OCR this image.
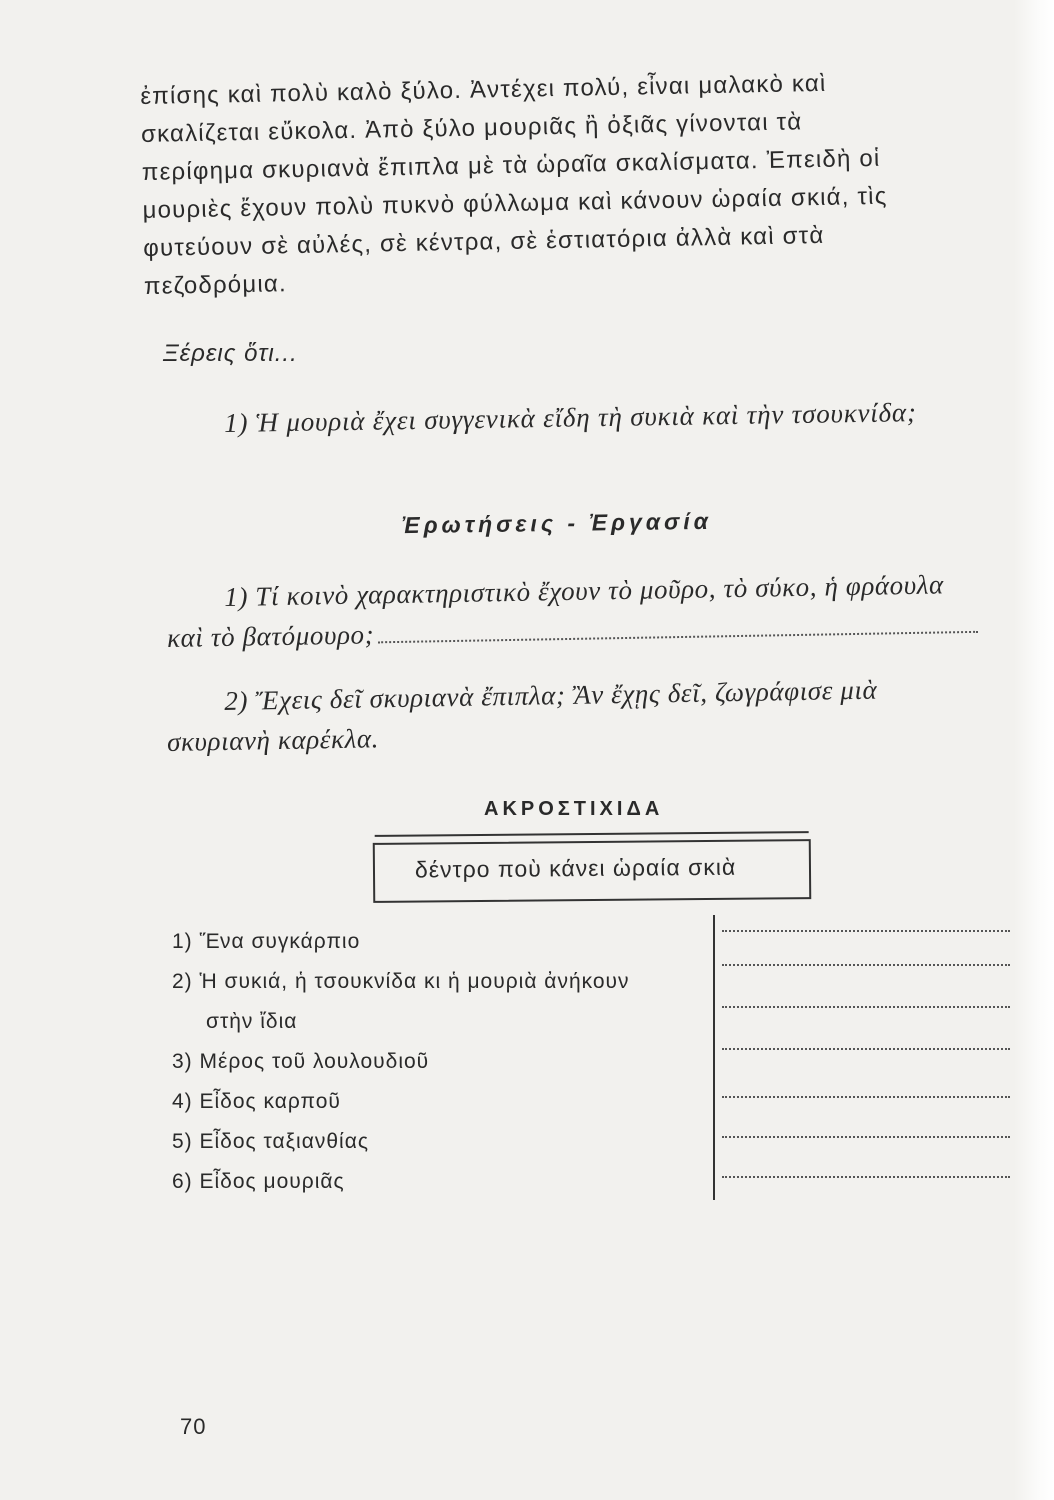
ἐπίσης καὶ πολὺ καλὸ ξύλο. Ἀντέχει πολύ, εἶναι μαλακὸ καὶ
σκαλίζεται εὔκολα. Ἀπὸ ξύλο μουριᾶς ἢ ὀξιᾶς γίνονται τὰ
περίφημα σκυριανὰ ἔπιπλα μὲ τὰ ὡραῖα σκαλίσματα. Ἐπειδὴ οἱ
μουριὲς ἔχουν πολὺ πυκνὸ φύλλωμα καὶ κάνουν ὡραία σκιά, τὶς
φυτεύουν σὲ αὐλές, σὲ κέντρα, σὲ ἑστιατόρια ἀλλὰ καὶ στὰ
πεζοδρόμια.
Ξέρεις ὅτι...
1) Ἡ μουριὰ ἔχει συγγενικὰ εἴδη τὴ συκιὰ καὶ τὴν τσουκνίδα;
Ἐρωτήσεις - Ἐργασία
1) Τί κοινὸ χαρακτηριστικὸ ἔχουν τὸ μοῦρο, τὸ σύκο, ἡ φράουλα
καὶ τὸ βατόμουρο;
2) Ἔχεις δεῖ σκυριανὰ ἔπιπλα; Ἂν ἔχῃς δεῖ, ζωγράφισε μιὰ
σκυριανὴ καρέκλα.
ΑΚΡΟΣΤΙΧΙΔΑ
δέντρο ποὺ κάνει ὡραία σκιὰ
1) Ἕνα συγκάρπιο
2) Ἡ συκιά, ἡ τσουκνίδα κι ἡ μουριὰ ἀνήκουν
στὴν ἴδια
3) Μέρος τοῦ λουλουδιοῦ
4) Εἶδος καρποῦ
5) Εἶδος ταξιανθίας
6) Εἶδος μουριᾶς
70
